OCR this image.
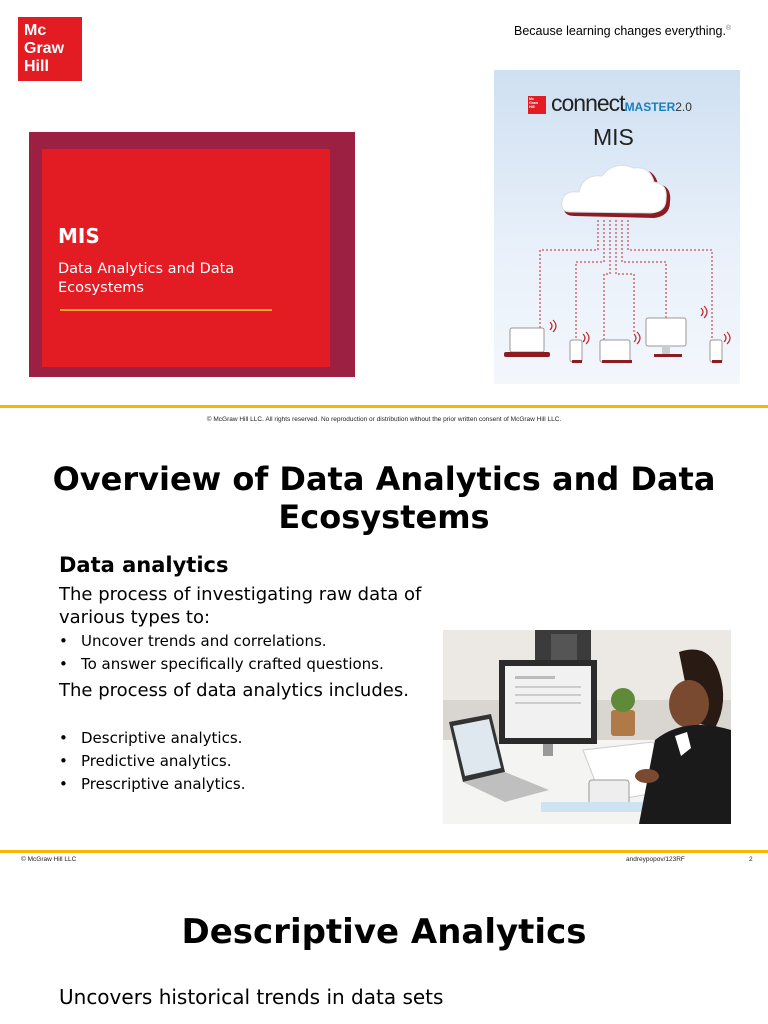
Mc
Graw
Hill
Because learning changes everything.®
MIS
Data Analytics and Data Ecosystems
Mc
Graw
Hill connectMASTER2.0
MIS
© McGraw Hill LLC. All rights reserved. No reproduction or distribution without the prior written consent of McGraw Hill LLC.
Overview of Data Analytics and Data Ecosystems
Data analytics
The process of investigating raw data of various types to:
• Uncover trends and correlations.
• To answer specifically crafted questions.
The process of data analytics includes.
• Descriptive analytics.
• Predictive analytics.
• Prescriptive analytics.
© McGraw Hill LLC	andreypopov/123RF	2
Descriptive Analytics
Uncovers historical trends in data sets
